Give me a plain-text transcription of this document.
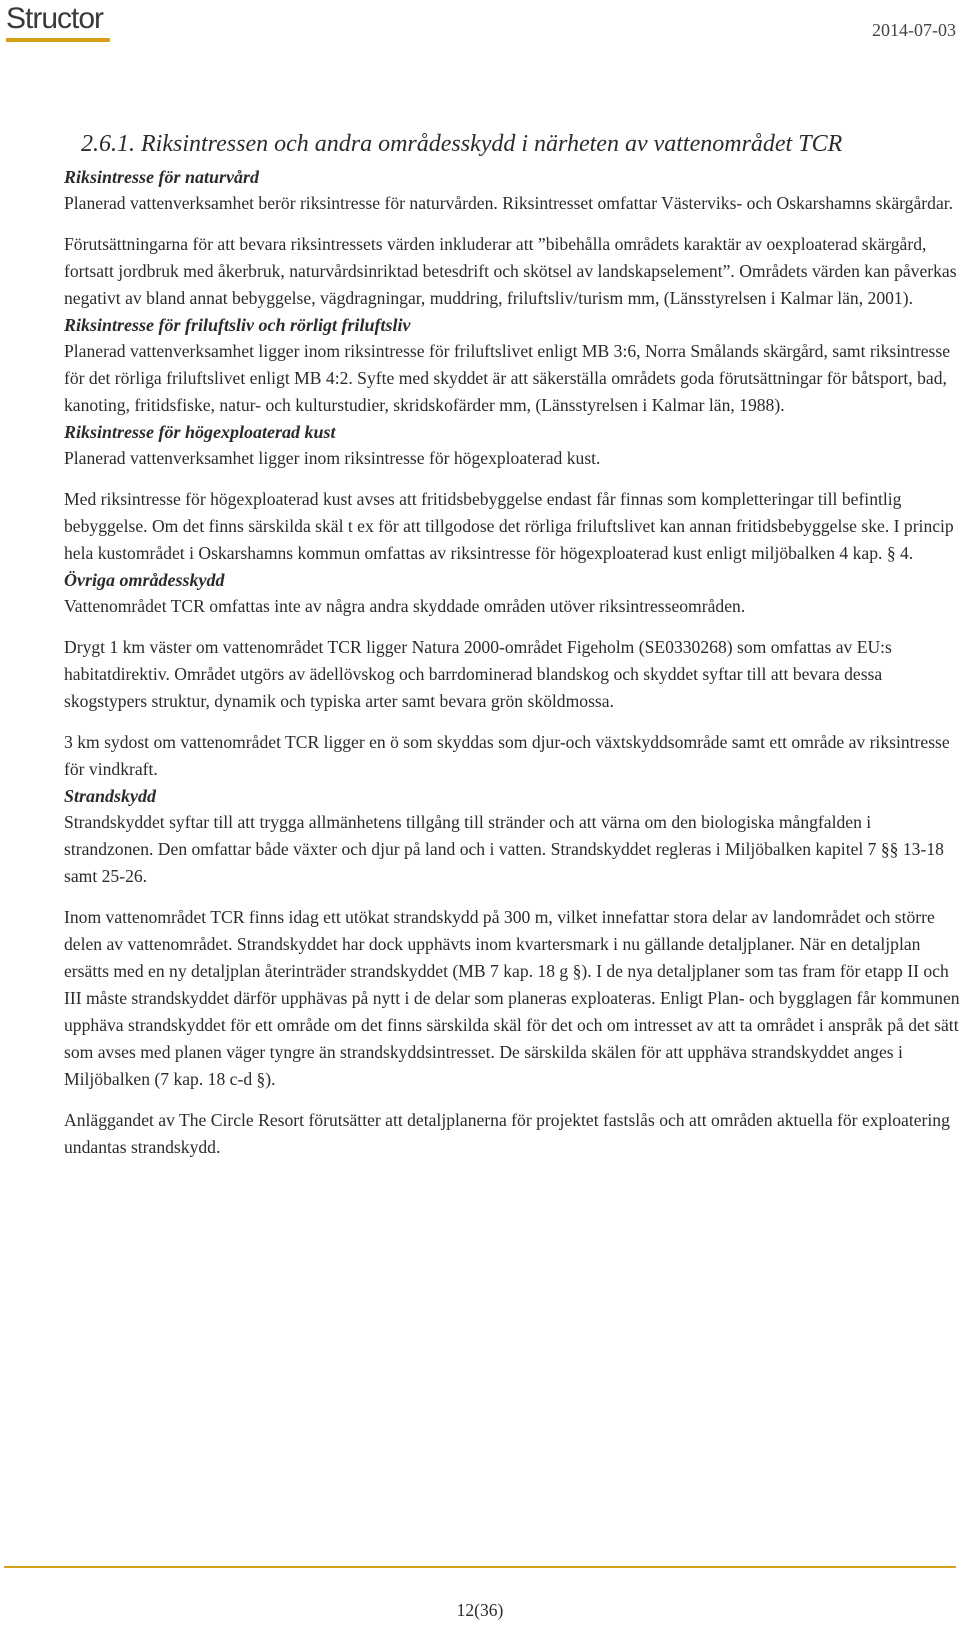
Structor	2014-07-03
2.6.1. Riksintressen och andra områdesskydd i närheten av vattenområdet TCR
Riksintresse för naturvård

Planerad vattenverksamhet berör riksintresse för naturvården. Riksintresset omfattar Västerviks- och Oskarshamns skärgårdar.

Förutsättningarna för att bevara riksintressets värden inkluderar att ”bibehålla områdets karaktär av oexploaterad skärgård, fortsatt jordbruk med åkerbruk, naturvårdsinriktad betesdrift och skötsel av landskapselement”. Områdets värden kan påverkas negativt av bland annat bebyggelse, vägdragningar, muddring, friluftsliv/turism mm, (Länsstyrelsen i Kalmar län, 2001).

Riksintresse för friluftsliv och rörligt friluftsliv

Planerad vattenverksamhet ligger inom riksintresse för friluftslivet enligt MB 3:6, Norra Smålands skärgård, samt riksintresse för det rörliga friluftslivet enligt MB 4:2. Syfte med skyddet är att säkerställa områdets goda förutsättningar för båtsport, bad, kanoting, fritidsfiske, natur- och kulturstudier, skridskofärder mm, (Länsstyrelsen i Kalmar län, 1988).

Riksintresse för högexploaterad kust

Planerad vattenverksamhet ligger inom riksintresse för högexploaterad kust.

Med riksintresse för högexploaterad kust avses att fritidsbebyggelse endast får finnas som kompletteringar till befintlig bebyggelse. Om det finns särskilda skäl t ex för att tillgodose det rörliga friluftslivet kan annan fritidsbebyggelse ske. I princip hela kustområdet i Oskarshamns kommun omfattas av riksintresse för högexploaterad kust enligt miljöbalken 4 kap. § 4.

Övriga områdesskydd

Vattenområdet TCR omfattas inte av några andra skyddade områden utöver riksintresseområden.

Drygt 1 km väster om vattenområdet TCR ligger Natura 2000-området Figeholm (SE0330268) som omfattas av EU:s habitatdirektiv. Området utgörs av ädellövskog och barrdominerad blandskog och skyddet syftar till att bevara dessa skogstypers struktur, dynamik och typiska arter samt bevara grön sköldmossa.

3 km sydost om vattenområdet TCR ligger en ö som skyddas som djur-och växtskyddsområde samt ett område av riksintresse för vindkraft.

Strandskydd

Strandskyddet syftar till att trygga allmänhetens tillgång till stränder och att värna om den biologiska mångfalden i strandzonen. Den omfattar både växter och djur på land och i vatten. Strandskyddet regleras i Miljöbalken kapitel 7 §§ 13-18 samt 25-26.

Inom vattenområdet TCR finns idag ett utökat strandskydd på 300 m, vilket innefattar stora delar av landområdet och större delen av vattenområdet. Strandskyddet har dock upphävts inom kvartersmark i nu gällande detaljplaner. När en detaljplan ersätts med en ny detaljplan återinträder strandskyddet (MB 7 kap. 18 g §). I de nya detaljplaner som tas fram för etapp II och III måste strandskyddet därför upphävas på nytt i de delar som planeras exploateras. Enligt Plan- och bygglagen får kommunen upphäva strandskyddet för ett område om det finns särskilda skäl för det och om intresset av att ta området i anspråk på det sätt som avses med planen väger tyngre än strandskyddsintresset. De särskilda skälen för att upphäva strandskyddet anges i Miljöbalken (7 kap. 18 c-d §).

Anläggandet av The Circle Resort förutsätter att detaljplanerna för projektet fastslås och att områden aktuella för exploatering undantas strandskydd.

12(36)
